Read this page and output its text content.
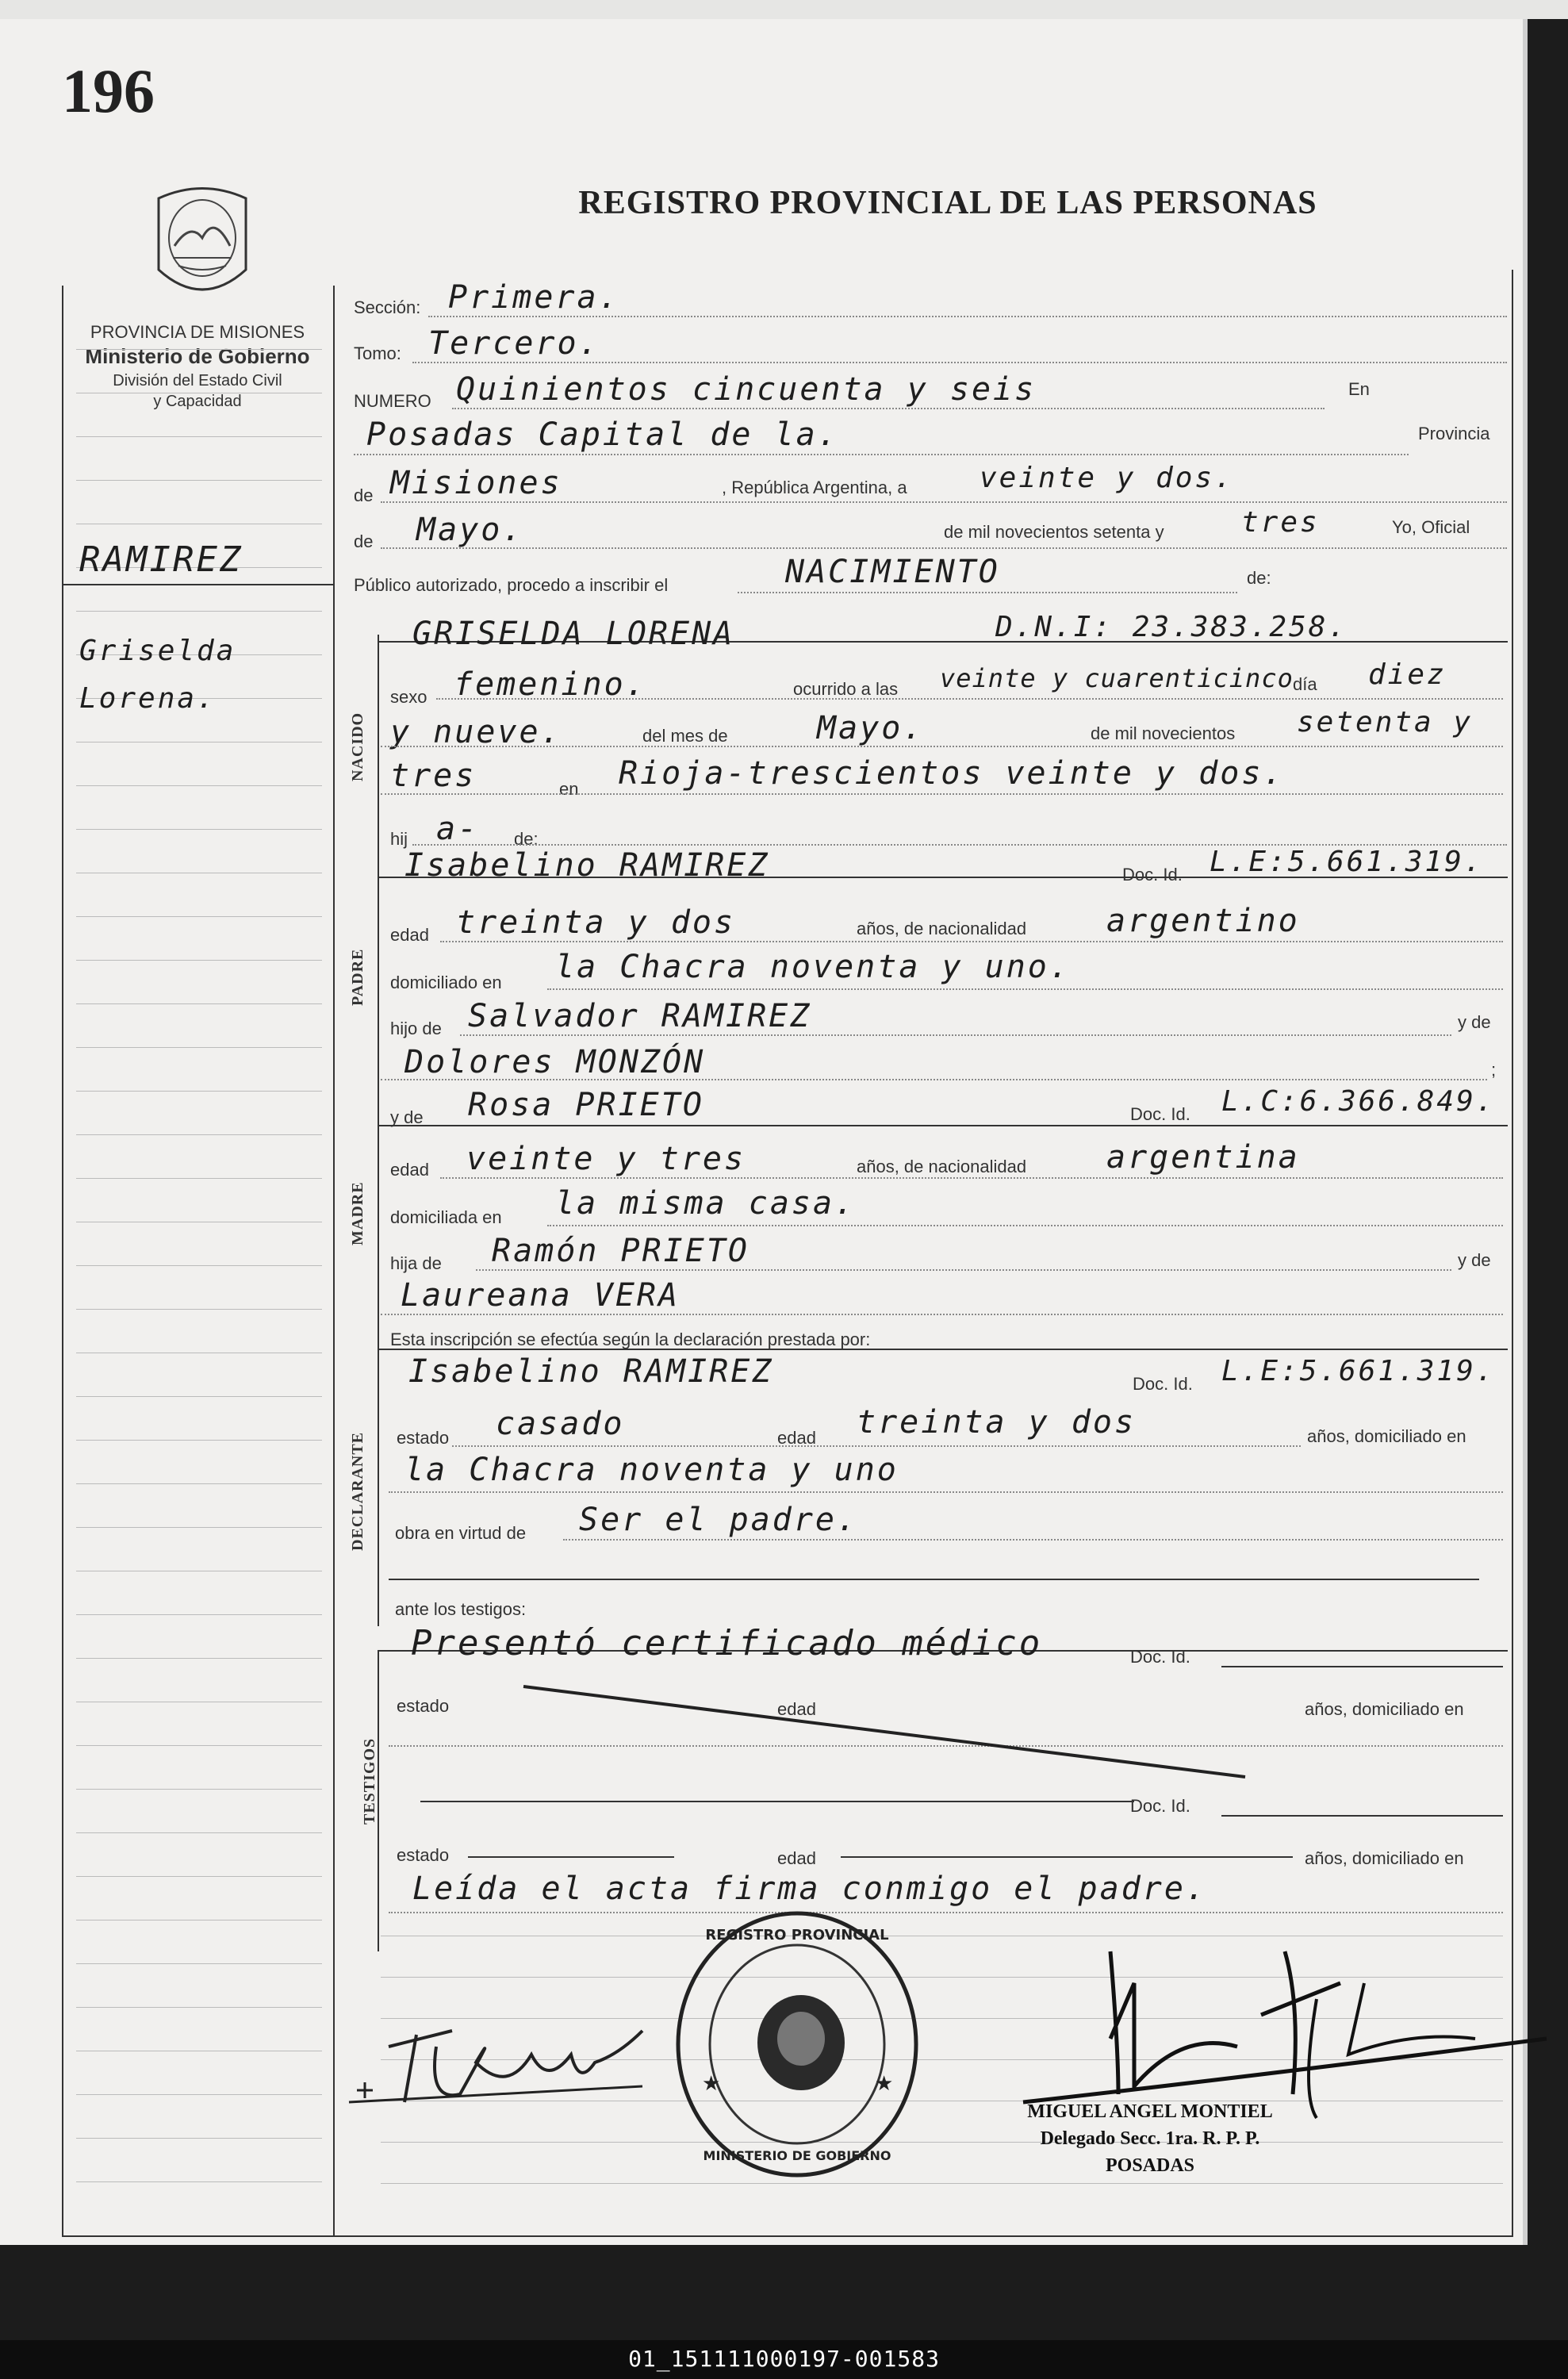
196
REGISTRO PROVINCIAL DE LAS PERSONAS
PROVINCIA DE MISIONES
Ministerio de Gobierno
División del Estado Civil
y Capacidad
RAMIREZ
Griselda
Lorena.
Sección: Primera.
Tomo: Tercero.
NUMERO Quinientos cincuenta y seis	En
Posadas Capital de la.	Provincia
de Misiones	, República Argentina, a	veinte y dos.
de Mayo.	de mil novecientos setenta y	tres	Yo, Oficial
Público autorizado, procedo a inscribir el	NACIMIENTO	de:
NACIDO
PADRE
MADRE
DECLARANTE
TESTIGOS
GRISELDA LORENA	D.N.I: 23.383.258.
sexo femenino.	ocurrido a las veinte y cuarenticinco día diez
y nueve.	del mes de	Mayo.	de mil novecientos setenta y
tres	en Rioja-trescientos veinte y dos.
hij a- de:
Isabelino RAMIREZ	Doc. Id. L.E:5.661.319.
edad treinta y dos	años, de nacionalidad	argentino
domiciliado en la Chacra noventa y uno.
hijo de Salvador RAMIREZ	y de
Dolores MONZÓN	;
y de Rosa PRIETO	Doc. Id. L.C:6.366.849.
edad veinte y tres	años, de nacionalidad	argentina
domiciliada en la misma casa.
hija de Ramón PRIETO	y de
Laureana VERA
Esta inscripción se efectúa según la declaración prestada por:
Isabelino RAMIREZ	Doc. Id. L.E:5.661.319.
estado casado	edad treinta y dos	años, domiciliado en
la Chacra noventa y uno
obra en virtud de Ser el padre.
ante los testigos:
Presentó certificado médico	Doc. Id.
estado	edad	años, domiciliado en
Doc. Id.
estado	edad	años, domiciliado en
Leída el acta firma conmigo el padre.
REGISTRO PROVINCIAL
MINISTERIO DE GOBIERNO
★	★
MIGUEL ANGEL MONTIEL
Delegado Secc. 1ra. R. P. P.
POSADAS
01_151111000197-001583
